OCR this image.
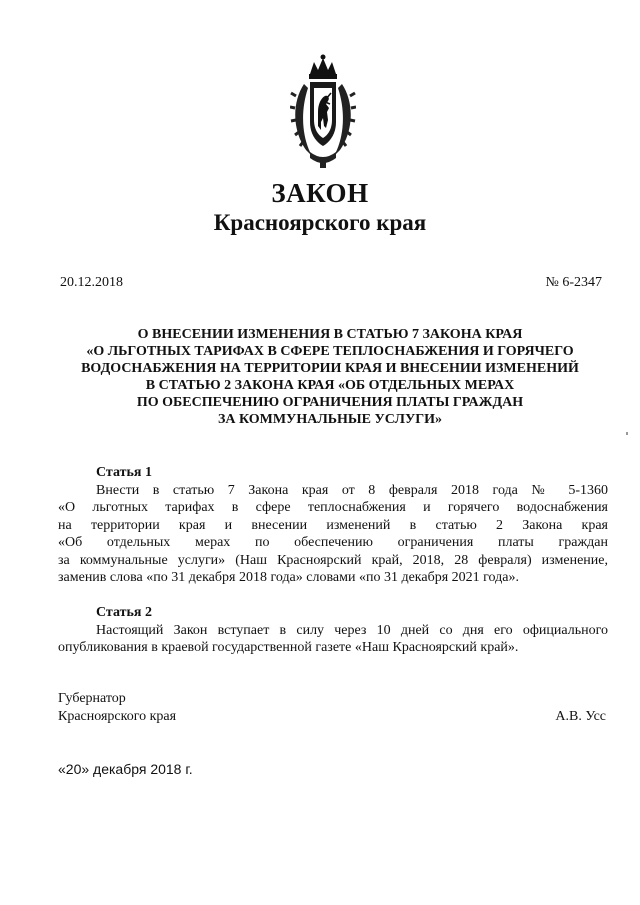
ЗАКОН
Красноярского края
20.12.2018	№ 6-2347
О ВНЕСЕНИИ ИЗМЕНЕНИЯ В СТАТЬЮ 7 ЗАКОНА КРАЯ
«О ЛЬГОТНЫХ ТАРИФАХ В СФЕРЕ ТЕПЛОСНАБЖЕНИЯ И ГОРЯЧЕГО
ВОДОСНАБЖЕНИЯ НА ТЕРРИТОРИИ КРАЯ И ВНЕСЕНИИ ИЗМЕНЕНИЙ
В СТАТЬЮ 2 ЗАКОНА КРАЯ «ОБ ОТДЕЛЬНЫХ МЕРАХ
ПО ОБЕСПЕЧЕНИЮ ОГРАНИЧЕНИЯ ПЛАТЫ ГРАЖДАН
ЗА КОММУНАЛЬНЫЕ УСЛУГИ»
Статья 1
Внести в статью 7 Закона края от 8 февраля 2018 года № 5-1360
«О льготных тарифах в сфере теплоснабжения и горячего водоснабжения
на территории края и внесении изменений в статью 2 Закона края
«Об отдельных мерах по обеспечению ограничения платы граждан
за коммунальные услуги» (Наш Красноярский край, 2018, 28 февраля) изменение,
заменив слова «по 31 декабря 2018 года» словами «по 31 декабря 2021 года».
Статья 2
Настоящий Закон вступает в силу через 10 дней со дня его официального
опубликования в краевой государственной газете «Наш Красноярский край».
Губернатор
Красноярского края	А.В. Усс
«20» декабря 2018 г.
